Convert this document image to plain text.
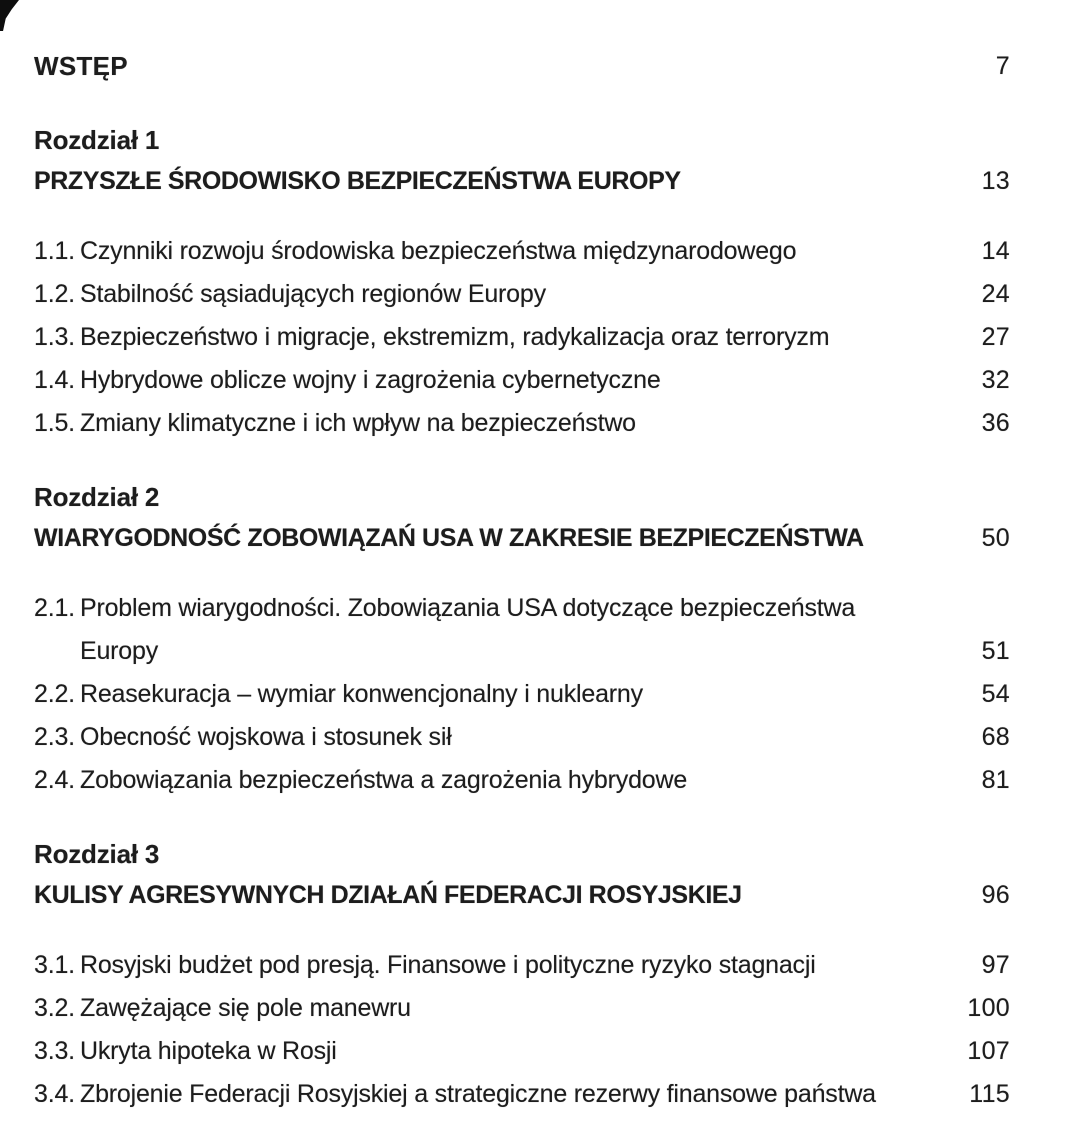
WSTĘP	7
Rozdział 1
PRZYSZŁE ŚRODOWISKO BEZPIECZEŃSTWA EUROPY	13
1.1. Czynniki rozwoju środowiska bezpieczeństwa międzynarodowego	14
1.2. Stabilność sąsiadujących regionów Europy	24
1.3. Bezpieczeństwo i migracje, ekstremizm, radykalizacja oraz terroryzm	27
1.4. Hybrydowe oblicze wojny i zagrożenia cybernetyczne	32
1.5. Zmiany klimatyczne i ich wpływ na bezpieczeństwo	36
Rozdział 2
WIARYGODNOŚĆ ZOBOWIĄZAŃ USA W ZAKRESIE BEZPIECZEŃSTWA	50
2.1. Problem wiarygodności. Zobowiązania USA dotyczące bezpieczeństwa
Europy	51
2.2. Reasekuracja – wymiar konwencjonalny i nuklearny	54
2.3. Obecność wojskowa i stosunek sił	68
2.4. Zobowiązania bezpieczeństwa a zagrożenia hybrydowe	81
Rozdział 3
KULISY AGRESYWNYCH DZIAŁAŃ FEDERACJI ROSYJSKIEJ	96
3.1. Rosyjski budżet pod presją. Finansowe i polityczne ryzyko stagnacji	97
3.2. Zawężające się pole manewru	100
3.3. Ukryta hipoteka w Rosji	107
3.4. Zbrojenie Federacji Rosyjskiej a strategiczne rezerwy finansowe państwa	115
